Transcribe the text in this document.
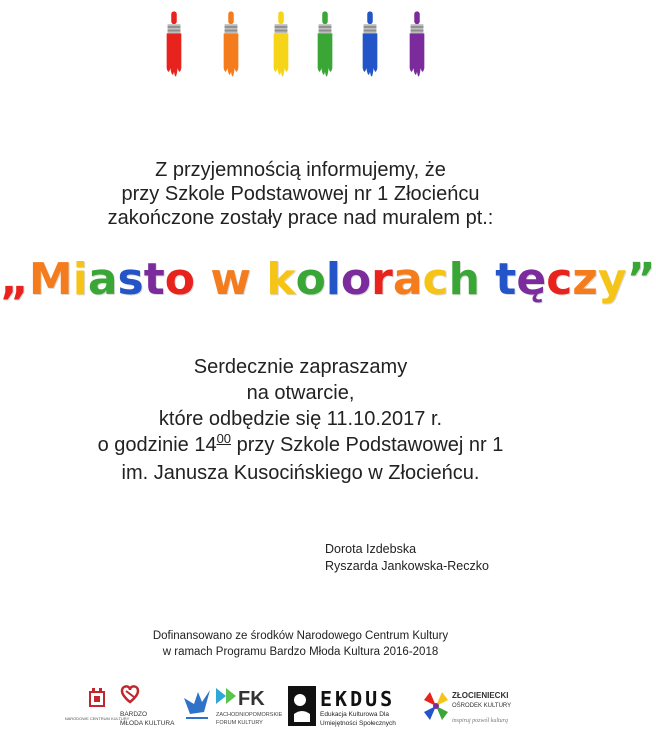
Z przyjemnością informujemy, że
przy Szkole Podstawowej nr 1 Złocieńcu
zakończone zostały prace nad muralem pt.:
„Miasto w kolorach tęczy”
Serdecznie zapraszamy
na otwarcie,
które odbędzie się 11.10.2017 r.
o godzinie $14^{00}$ przy Szkole Podstawowej nr 1
im. Janusza Kusocińskiego w Złocieńcu.
Dorota Izdebska
Ryszarda Jankowska-Reczko
Dofinansowano ze środków Narodowego Centrum Kultury
w ramach Programu Bardzo Młoda Kultura 2016-2018
NARODOWE CENTRUM KULTURY
BARDZO
MŁODA KULTURA
FK
ZACHODNIOPOMORSKIE
FORUM KULTURY
EKDUS
Edukacja Kulturowa Dla
Umiejętności Społecznych
ZŁOCIENIECKI
OŚRODEK KULTURY
inspiruj pozwól kulturą
